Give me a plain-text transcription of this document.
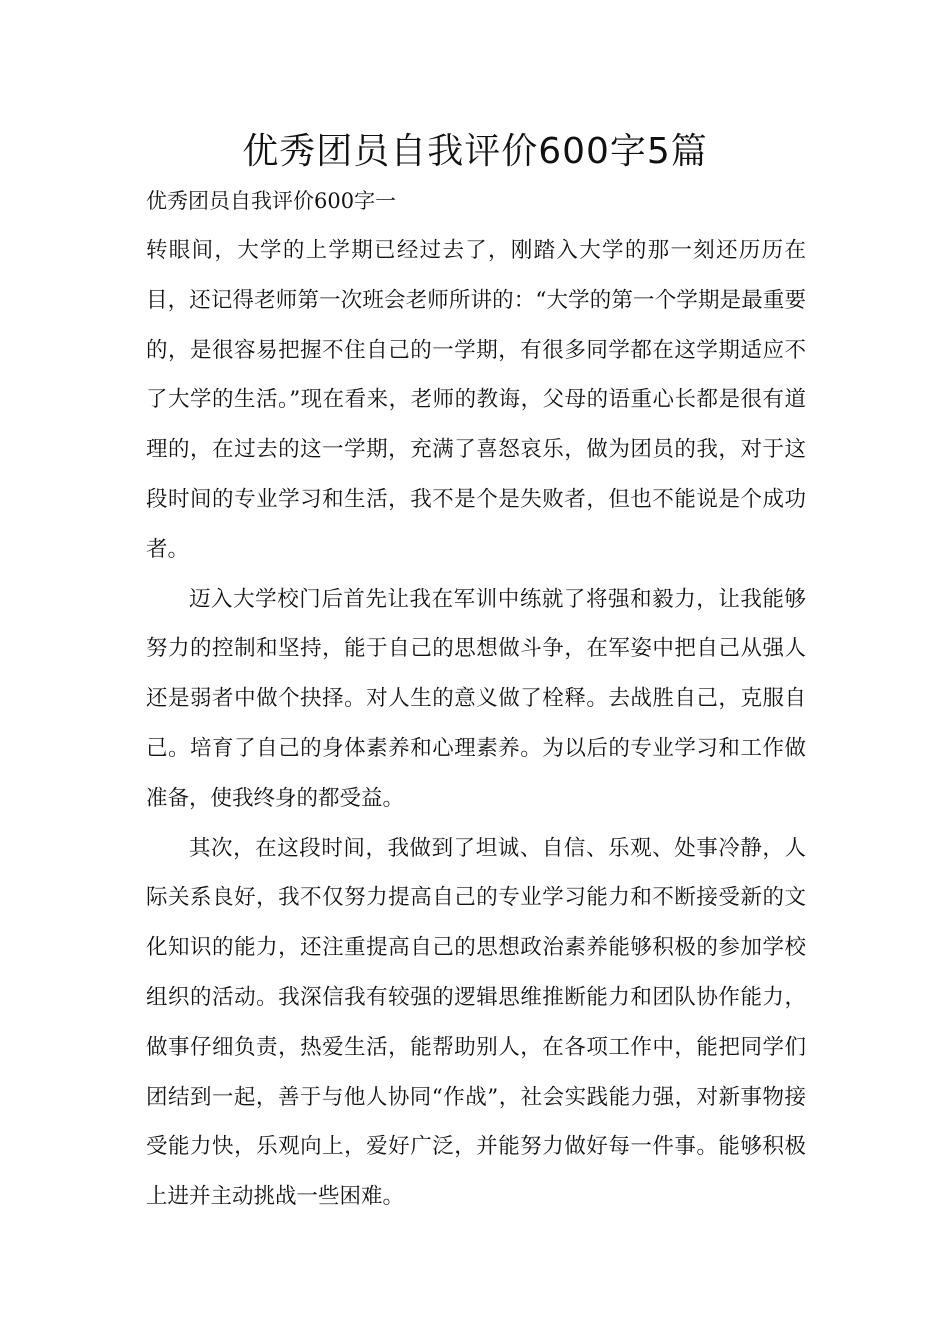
优秀团员自我评价600字5篇

优秀团员自我评价600字一

转眼间，大学的上学期已经过去了，刚踏入大学的那一刻还历历在目，还记得老师第一次班会老师所讲的：“大学的第一个学期是最重要的，是很容易把握不住自己的一学期，有很多同学都在这学期适应不了大学的生活。”现在看来，老师的教诲，父母的语重心长都是很有道理的，在过去的这一学期，充满了喜怒哀乐，做为团员的我，对于这段时间的专业学习和生活，我不是个是失败者，但也不能说是个成功者。

迈入大学校门后首先让我在军训中练就了将强和毅力，让我能够努力的控制和坚持，能于自己的思想做斗争，在军姿中把自己从强人还是弱者中做个抉择。对人生的意义做了栓释。去战胜自己，克服自己。培育了自己的身体素养和心理素养。为以后的专业学习和工作做准备，使我终身的都受益。

其次，在这段时间，我做到了坦诚、自信、乐观、处事冷静，人际关系良好，我不仅努力提高自己的专业学习能力和不断接受新的文化知识的能力，还注重提高自己的思想政治素养能够积极的参加学校组织的活动。我深信我有较强的逻辑思维推断能力和团队协作能力，做事仔细负责，热爱生活，能帮助别人，在各项工作中，能把同学们团结到一起，善于与他人协同“作战”，社会实践能力强，对新事物接受能力快，乐观向上，爱好广泛，并能努力做好每一件事。能够积极上进并主动挑战一些困难。
